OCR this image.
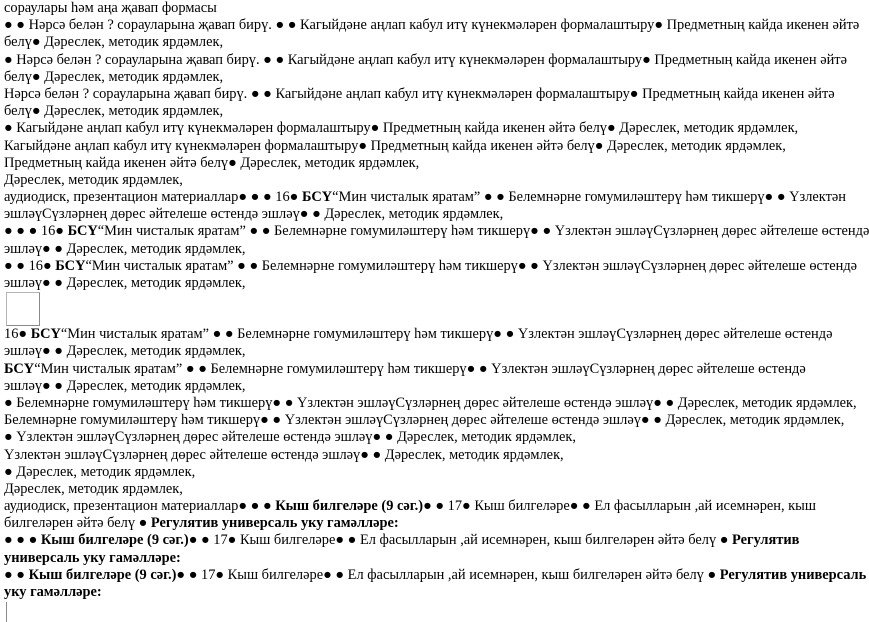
сораулары һәм аңа җавап формасы
● ● Нәрсә белән ? сорауларына җавап бирү. ● ● Кагыйдәне аңлап кабул итү күнекмәләрен формалаштыру● Предметның кайда икенен әйтә
белү● Дәреслек, методик ярдәмлек,
● Нәрсә белән ? сорауларына җавап бирү. ● ● Кагыйдәне аңлап кабул итү күнекмәләрен формалаштыру● Предметның кайда икенен әйтә
белү● Дәреслек, методик ярдәмлек,
Нәрсә белән ? сорауларына җавап бирү. ● ● Кагыйдәне аңлап кабул итү күнекмәләрен формалаштыру● Предметның кайда икенен әйтә
белү● Дәреслек, методик ярдәмлек,
● Кагыйдәне аңлап кабул итү күнекмәләрен формалаштыру● Предметның кайда икенен әйтә белү● Дәреслек, методик ярдәмлек,
Кагыйдәне аңлап кабул итү күнекмәләрен формалаштыру● Предметның кайда икенен әйтә белү● Дәреслек, методик ярдәмлек,
Предметның кайда икенен әйтә белү● Дәреслек, методик ярдәмлек,
Дәреслек, методик ярдәмлек,
аудиодиск, презентацион материаллар● ● ● 16● БСҮ“Мин чисталык яратам” ● ● Белемнәрне гомумиләштерү һәм тикшерү● ● Үзлектән
эшләүСүзләрнең дөрес әйтелеше өстендә эшләү● ● Дәреслек, методик ярдәмлек,
● ● ● 16● БСҮ“Мин чисталык яратам” ● ● Белемнәрне гомумиләштерү һәм тикшерү● ● Үзлектән эшләүСүзләрнең дөрес әйтелеше өстендә
эшләү● ● Дәреслек, методик ярдәмлек,
● ● 16● БСҮ“Мин чисталык яратам” ● ● Белемнәрне гомумиләштерү һәм тикшерү● ● Үзлектән эшләүСүзләрнең дөрес әйтелеше өстендә
эшләү● ● Дәреслек, методик ярдәмлек,
16● БСҮ“Мин чисталык яратам” ● ● Белемнәрне гомумиләштерү һәм тикшерү● ● Үзлектән эшләүСүзләрнең дөрес әйтелеше өстендә
эшләү● ● Дәреслек, методик ярдәмлек,
БСҮ“Мин чисталык яратам” ● ● Белемнәрне гомумиләштерү һәм тикшерү● ● Үзлектән эшләүСүзләрнең дөрес әйтелеше өстендә
эшләү● ● Дәреслек, методик ярдәмлек,
● Белемнәрне гомумиләштерү һәм тикшерү● ● Үзлектән эшләүСүзләрнең дөрес әйтелеше өстендә эшләү● ● Дәреслек, методик ярдәмлек,
Белемнәрне гомумиләштерү һәм тикшерү● ● Үзлектән эшләүСүзләрнең дөрес әйтелеше өстендә эшләү● ● Дәреслек, методик ярдәмлек,
● Үзлектән эшләүСүзләрнең дөрес әйтелеше өстендә эшләү● ● Дәреслек, методик ярдәмлек,
Үзлектән эшләүСүзләрнең дөрес әйтелеше өстендә эшләү● ● Дәреслек, методик ярдәмлек,
● Дәреслек, методик ярдәмлек,
Дәреслек, методик ярдәмлек,
аудиодиск, презентацион материаллар● ● ● Кыш билгеләре (9 сәг.)● ● 17● Кыш билгеләре● ● Ел фасылларын ,ай исемнәрен, кыш
билгеләрен әйтә белү ● Регулятив универсаль уку гамәлләре:
● ● ● Кыш билгеләре (9 сәг.)● ● 17● Кыш билгеләре● ● Ел фасылларын ,ай исемнәрен, кыш билгеләрен әйтә белү ● Регулятив
универсаль уку гамәлләре:
● ● Кыш билгеләре (9 сәг.)● ● 17● Кыш билгеләре● ● Ел фасылларын ,ай исемнәрен, кыш билгеләрен әйтә белү ● Регулятив универсаль
уку гамәлләре:
